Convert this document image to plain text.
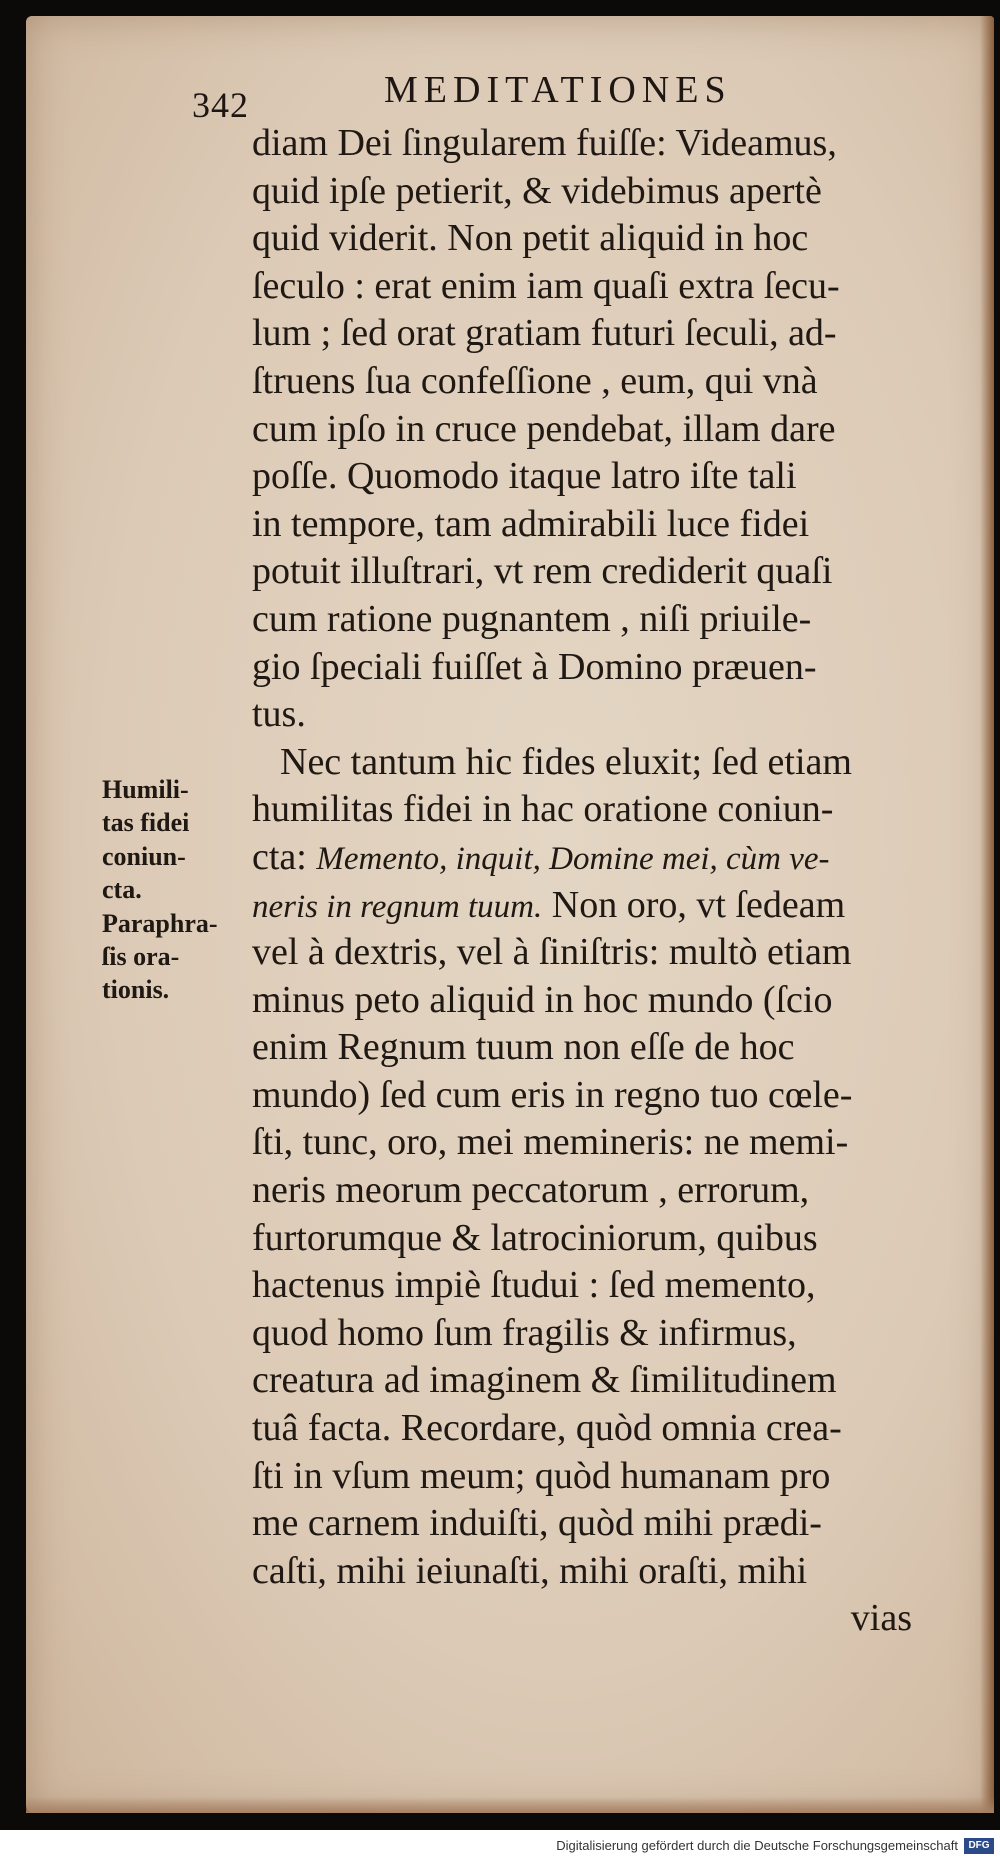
342	MEDITATIONES
diam Dei ſingularem fuiſſe: Videamus,
quid ipſe petierit, & videbimus apertè
quid viderit. Non petit aliquid in hoc
ſeculo : erat enim iam quaſi extra ſecu-
lum ; ſed orat gratiam futuri ſeculi, ad-
ſtruens ſua confeſſione , eum, qui vnà
cum ipſo in cruce pendebat, illam dare
poſſe. Quomodo itaque latro iſte tali
in tempore, tam admirabili luce fidei
potuit illuſtrari, vt rem crediderit quaſi
cum ratione pugnantem , niſi priuile-
gio ſpeciali fuiſſet à Domino præuen-
tus.
Nec tantum hic fides eluxit; ſed etiam
humilitas fidei in hac oratione coniun-
cta: Memento, inquit, Domine mei, cùm ve-
neris in regnum tuum. Non oro, vt ſedeam
vel à dextris, vel à ſiniſtris: multò etiam
minus peto aliquid in hoc mundo (ſcio
enim Regnum tuum non eſſe de hoc
mundo) ſed cum eris in regno tuo cœle-
ſti, tunc, oro, mei memineris: ne memi-
neris meorum peccatorum , errorum,
furtorumque & latrociniorum, quibus
hactenus impiè ſtudui : ſed memento,
quod homo ſum fragilis & infirmus,
creatura ad imaginem & ſimilitudinem
tuâ facta. Recordare, quòd omnia crea-
ſti in vſum meum; quòd humanam pro
me carnem induiſti, quòd mihi prædi-
caſti, mihi ieiunaſti, mihi oraſti, mihi
vias
Humili-
tas fidei
coniun-
cta.
Paraphra-
ſis ora-
tionis.
Digitalisierung gefördert durch die Deutsche Forschungsgemeinschaft	DFG
